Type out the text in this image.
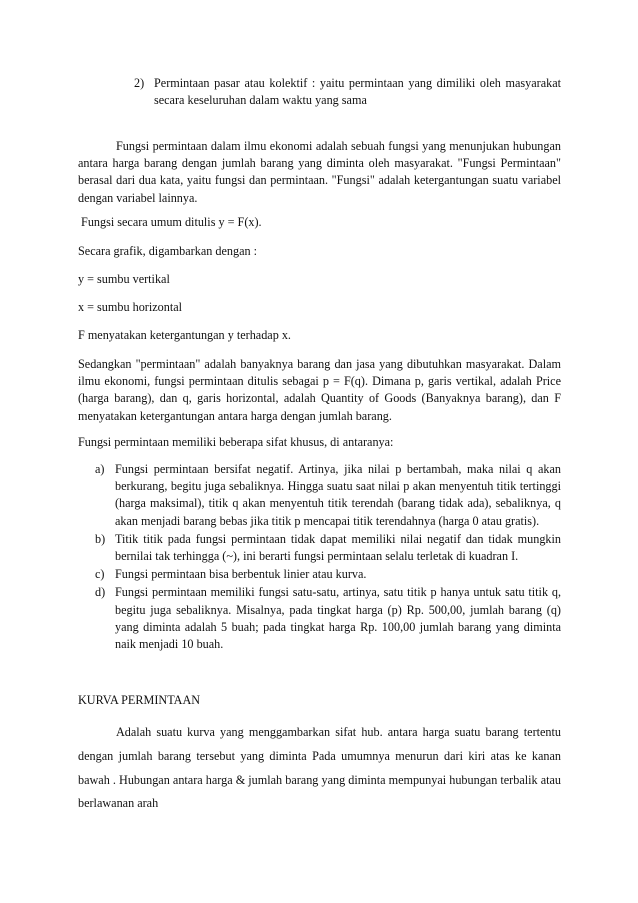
2) Permintaan pasar atau kolektif : yaitu permintaan yang dimiliki oleh masyarakat secara keseluruhan dalam waktu yang sama

Fungsi permintaan dalam ilmu ekonomi adalah sebuah fungsi yang menunjukan hubungan antara harga barang dengan jumlah barang yang diminta oleh masyarakat. "Fungsi Permintaan" berasal dari dua kata, yaitu fungsi dan permintaan. "Fungsi" adalah ketergantungan suatu variabel dengan variabel lainnya.

Fungsi secara umum ditulis y = F(x).

Secara grafik, digambarkan dengan :

y = sumbu vertikal

x = sumbu horizontal

F menyatakan ketergantungan y terhadap x.

Sedangkan "permintaan" adalah banyaknya barang dan jasa yang dibutuhkan masyarakat. Dalam ilmu ekonomi, fungsi permintaan ditulis sebagai p = F(q). Dimana p, garis vertikal, adalah Price (harga barang), dan q, garis horizontal, adalah Quantity of Goods (Banyaknya barang), dan F menyatakan ketergantungan antara harga dengan jumlah barang.

Fungsi permintaan memiliki beberapa sifat khusus, di antaranya:

a) Fungsi permintaan bersifat negatif. Artinya, jika nilai p bertambah, maka nilai q akan berkurang, begitu juga sebaliknya. Hingga suatu saat nilai p akan menyentuh titik tertinggi (harga maksimal), titik q akan menyentuh titik terendah (barang tidak ada), sebaliknya, q akan menjadi barang bebas jika titik p mencapai titik terendahnya (harga 0 atau gratis).

b) Titik titik pada fungsi permintaan tidak dapat memiliki nilai negatif dan tidak mungkin bernilai tak terhingga (~), ini berarti fungsi permintaan selalu terletak di kuadran I.

c) Fungsi permintaan bisa berbentuk linier atau kurva.

d) Fungsi permintaan memiliki fungsi satu-satu, artinya, satu titik p hanya untuk satu titik q, begitu juga sebaliknya. Misalnya, pada tingkat harga (p) Rp. 500,00, jumlah barang (q) yang diminta adalah 5 buah; pada tingkat harga Rp. 100,00 jumlah barang yang diminta naik menjadi 10 buah.

KURVA PERMINTAAN

Adalah suatu kurva yang menggambarkan sifat hub. antara harga suatu barang tertentu dengan jumlah barang tersebut yang diminta Pada umumnya menurun dari kiri atas ke kanan bawah . Hubungan antara harga & jumlah barang yang diminta mempunyai hubungan terbalik atau berlawanan arah
